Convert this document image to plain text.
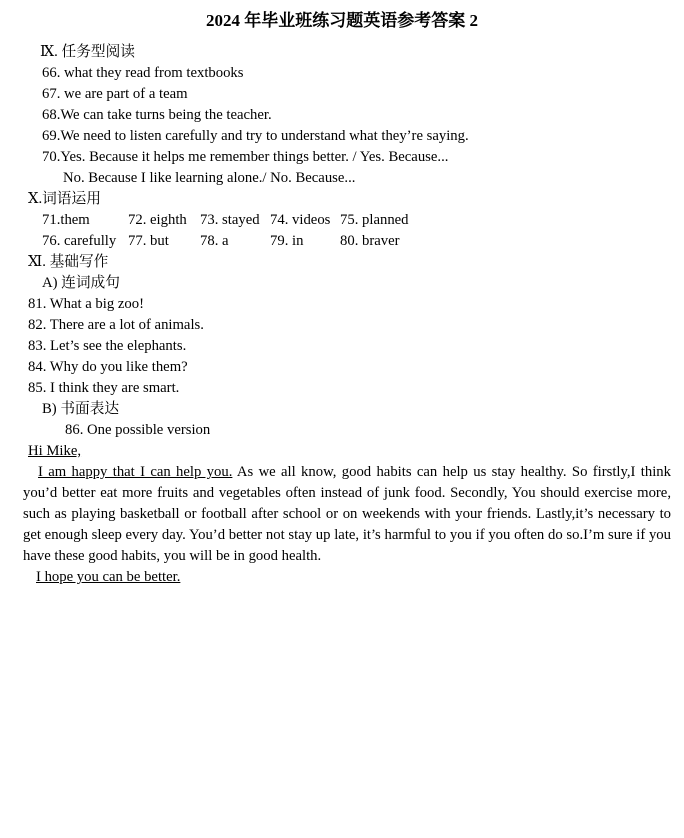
2024 年毕业班练习题英语参考答案 2
Ⅸ. 任务型阅读
66. what they read from textbooks
67. we are part of a team
68.We can take turns being the teacher.
69.We need to listen carefully and try to understand what they’re saying.
70.Yes. Because it helps me remember things better. / Yes. Because...
No. Because I like learning alone./ No. Because...
Ⅹ.词语运用
71.them	72. eighth 73. stayed 74. videos 75. planned
76. carefully 77. but	78. a	79. in	80. braver
Ⅺ. 基础写作
A) 连词成句
81. What a big zoo!
82. There are a lot of animals.
83. Let’s see the elephants.
84. Why do you like them?
85. I think they are smart.
B) 书面表达
86. One possible version
Hi Mike,
I am happy that I can help you. As we all know, good habits can help us stay healthy. So firstly,I think you’d better eat more fruits and vegetables often instead of junk food. Secondly, You should exercise more, such as playing basketball or football after school or on weekends with your friends. Lastly,it’s necessary to get enough sleep every day. You’d better not stay up late, it’s harmful to you if you often do so.I’m sure if you have these good habits, you will be in good health.
I hope you can be better.
